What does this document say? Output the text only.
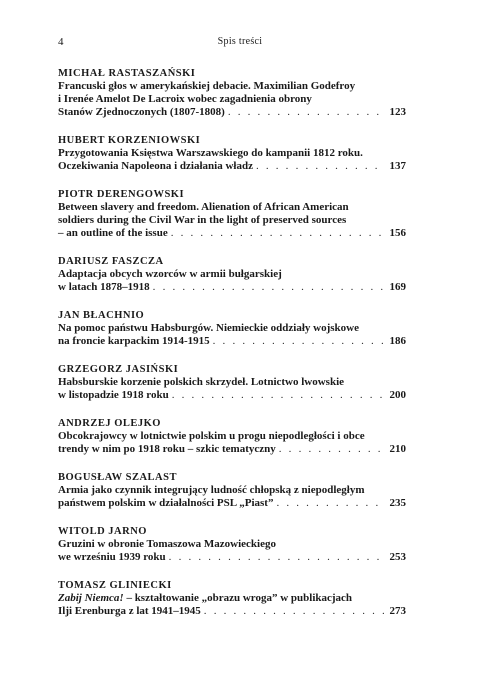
4	Spis treści
MICHAŁ RASTASZAŃSKI
Francuski głos w amerykańskiej debacie. Maximilian Godefroy
i Irenée Amelot De Lacroix wobec zagadnienia obrony
Stanów Zjednoczonych (1807-1808) . . .	123
HUBERT KORZENIOWSKI
Przygotowania Księstwa Warszawskiego do kampanii 1812 roku.
Oczekiwania Napoleona i działania władz . . .	137
PIOTR DERENGOWSKI
Between slavery and freedom. Alienation of African American
soldiers during the Civil War in the light of preserved sources
– an outline of the issue . . .	156
DARIUSZ FASZCZA
Adaptacja obcych wzorców w armii bułgarskiej
w latach 1878–1918 . . .	169
JAN BŁACHNIO
Na pomoc państwu Habsburgów. Niemieckie oddziały wojskowe
na froncie karpackim 1914-1915 . . .	186
GRZEGORZ JASIŃSKI
Habsburskie korzenie polskich skrzydeł. Lotnictwo lwowskie
w listopadzie 1918 roku . . .	200
ANDRZEJ OLEJKO
Obcokrajowcy w lotnictwie polskim u progu niepodległości i obce
trendy w nim po 1918 roku – szkic tematyczny . . .	210
BOGUSŁAW SZALAST
Armia jako czynnik integrujący ludność chłopską z niepodległym
państwem polskim w działalności PSL „Piast” . . .	235
WITOLD JARNO
Gruzini w obronie Tomaszowa Mazowieckiego
we wrześniu 1939 roku . . .	253
TOMASZ GLINIECKI
Zabij Niemca! – kształtowanie „obrazu wroga” w publikacjach
Ilji Erenburga z lat 1941–1945 . . .	273
